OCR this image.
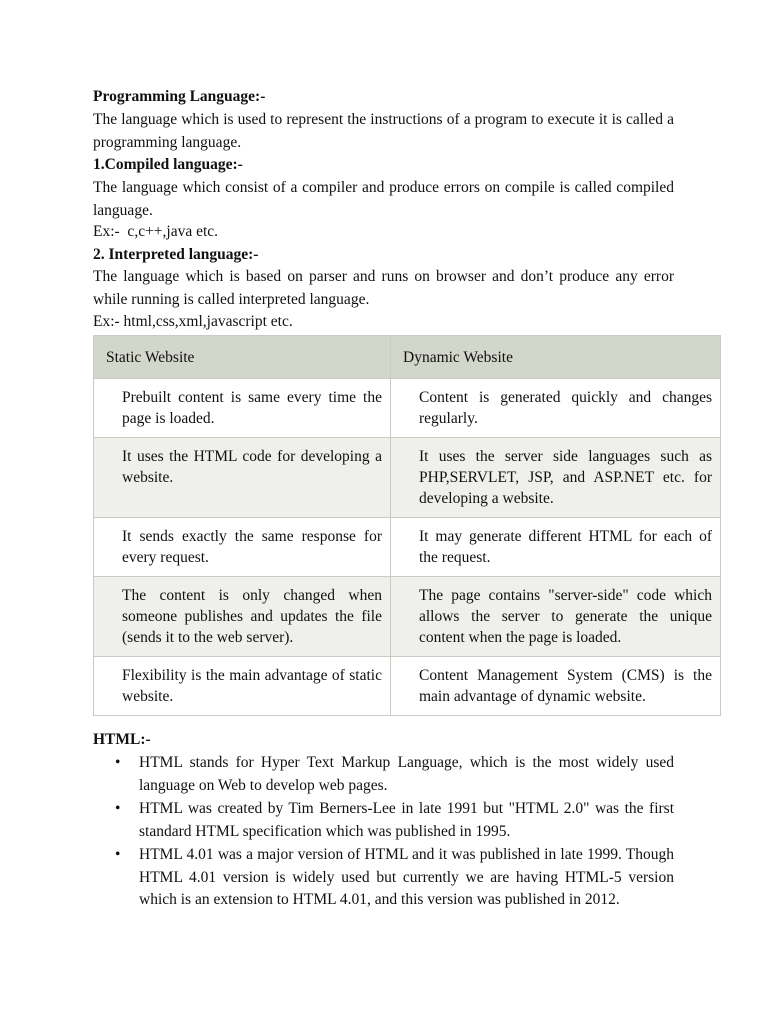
Programming Language:-
The language which is used to represent the instructions of a program to execute it is called a programming language.
1.Compiled language:-
The language which consist of a compiler and produce errors on compile is called compiled language.
Ex:-  c,c++,java etc.
2. Interpreted language:-
The language which is based on parser and runs on browser and don’t produce any error while running is called interpreted language.
Ex:- html,css,xml,javascript etc.
Static Website	Dynamic Website
Prebuilt content is same every time the page is loaded.	Content is generated quickly and changes regularly.
It uses the HTML code for developing a website.	It uses the server side languages such as PHP,SERVLET, JSP, and ASP.NET etc. for developing a website.
It sends exactly the same response for every request.	It may generate different HTML for each of the request.
The content is only changed when someone publishes and updates the file (sends it to the web server).	The page contains "server-side" code which allows the server to generate the unique content when the page is loaded.
Flexibility is the main advantage of static website.	Content Management System (CMS) is the main advantage of dynamic website.
HTML:-
• HTML stands for Hyper Text Markup Language, which is the most widely used language on Web to develop web pages.
• HTML was created by Tim Berners-Lee in late 1991 but "HTML 2.0" was the first standard HTML specification which was published in 1995.
• HTML 4.01 was a major version of HTML and it was published in late 1999. Though HTML 4.01 version is widely used but currently we are having HTML-5 version which is an extension to HTML 4.01, and this version was published in 2012.
